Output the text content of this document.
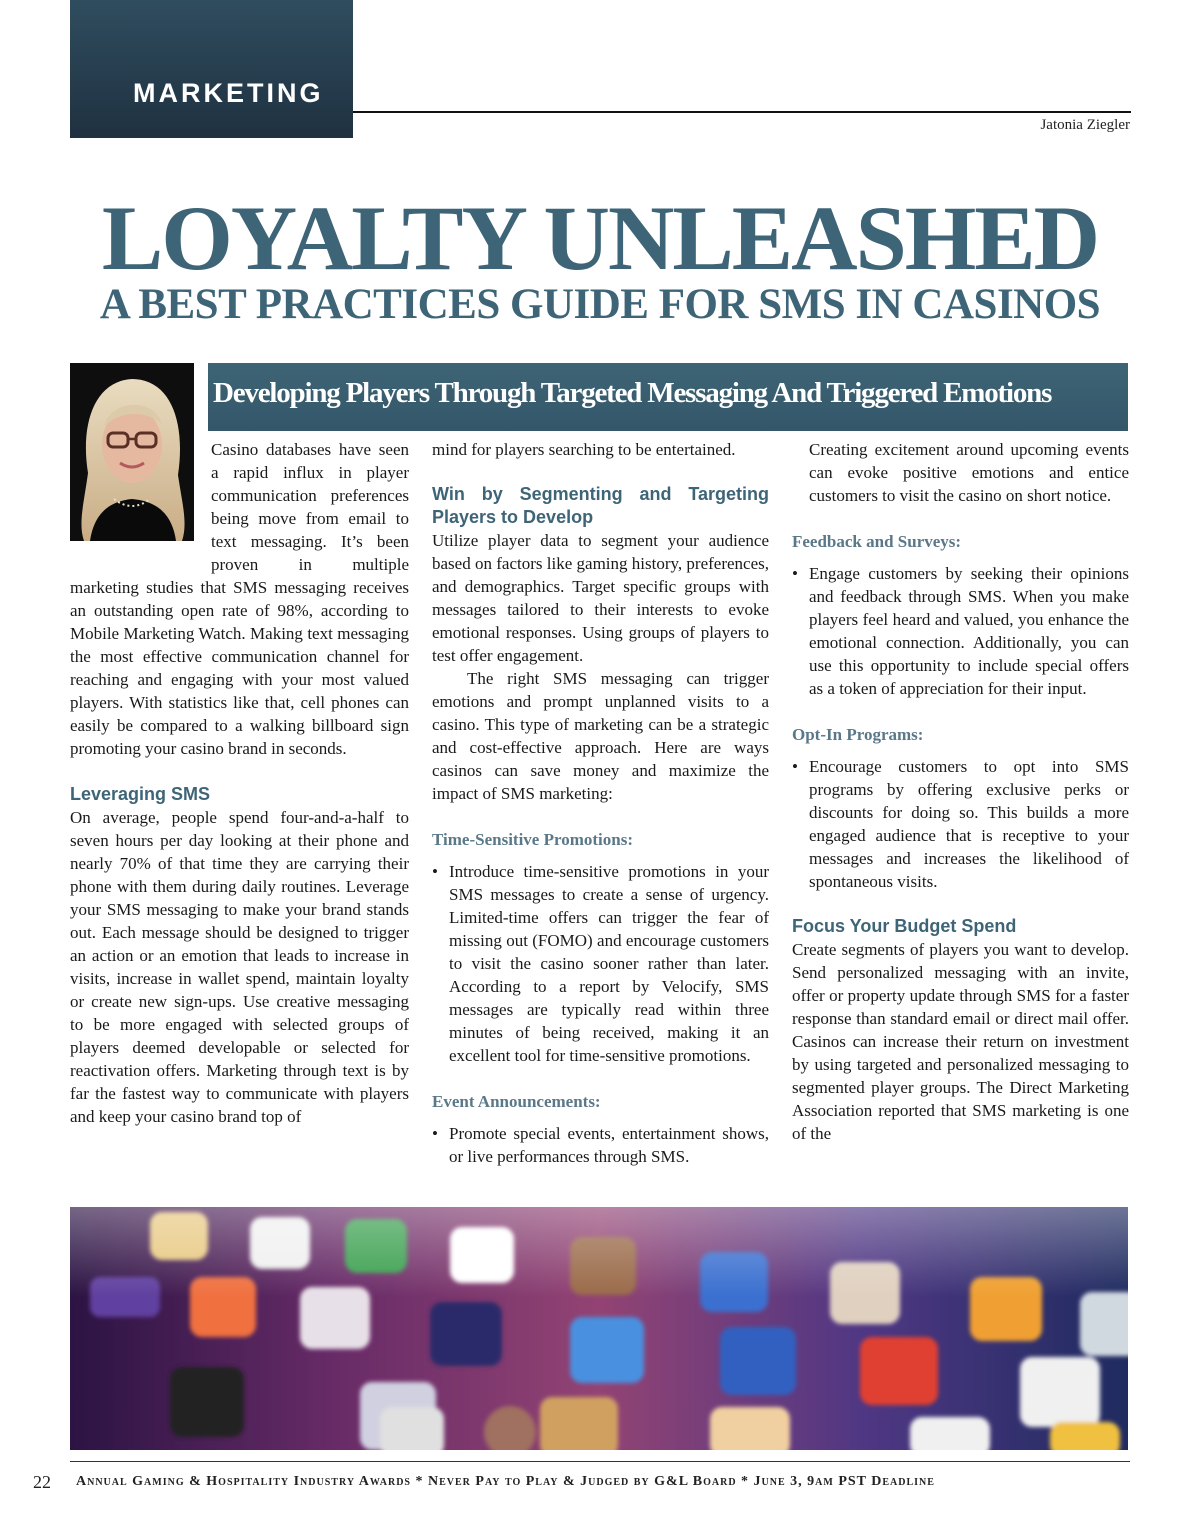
MARKETING
Jatonia Ziegler
LOYALTY UNLEASHED
A BEST PRACTICES GUIDE FOR SMS IN CASINOS
Developing Players Through Targeted Messaging And Triggered Emotions

Casino databases have seen a rapid influx in player communication preferences being move from email to text messaging. It’s been proven in multiple marketing studies that SMS messaging receives an outstanding open rate of 98%, according to Mobile Marketing Watch. Making text messaging the most effective communication channel for reaching and engaging with your most valued players. With statistics like that, cell phones can easily be compared to a walking billboard sign promoting your casino brand in seconds.

Leveraging SMS

On average, people spend four-and-a-half to seven hours per day looking at their phone and nearly 70% of that time they are carrying their phone with them during daily routines. Leverage your SMS messaging to make your brand stands out. Each message should be designed to trigger an action or an emotion that leads to increase in visits, increase in wallet spend, maintain loyalty or create new sign-ups. Use creative messaging to be more engaged with selected groups of players deemed developable or selected for reactivation offers. Marketing through text is by far the fastest way to communicate with players and keep your casino brand top of

mind for players searching to be entertained.

Win by Segmenting and Targeting Players to Develop

Utilize player data to segment your audience based on factors like gaming history, preferences, and demographics. Target specific groups with messages tailored to their interests to evoke emotional responses. Using groups of players to test offer engagement.

The right SMS messaging can trigger emotions and prompt unplanned visits to a casino. This type of marketing can be a strategic and cost-effective approach. Here are ways casinos can save money and maximize the impact of SMS marketing:

Time-Sensitive Promotions:

• Introduce time-sensitive promotions in your SMS messages to create a sense of urgency. Limited-time offers can trigger the fear of missing out (FOMO) and encourage customers to visit the casino sooner rather than later. According to a report by Velocify, SMS messages are typically read within three minutes of being received, making it an excellent tool for time-sensitive promotions.

Event Announcements:

• Promote special events, entertainment shows, or live performances through SMS.

Creating excitement around upcoming events can evoke positive emotions and entice customers to visit the casino on short notice.

Feedback and Surveys:

• Engage customers by seeking their opinions and feedback through SMS. When you make players feel heard and valued, you enhance the emotional connection. Additionally, you can use this opportunity to include special offers as a token of appreciation for their input.

Opt-In Programs:

• Encourage customers to opt into SMS programs by offering exclusive perks or discounts for doing so. This builds a more engaged audience that is receptive to your messages and increases the likelihood of spontaneous visits.

Focus Your Budget Spend

Create segments of players you want to develop. Send personalized messaging with an invite, offer or property update through SMS for a faster response than standard email or direct mail offer. Casinos can increase their return on investment by using targeted and personalized messaging to segmented player groups. The Direct Marketing Association reported that SMS marketing is one of the

22 Annual Gaming & Hospitality Industry Awards * Never Pay to Play & Judged by G&L Board * June 3, 9am PST Deadline
